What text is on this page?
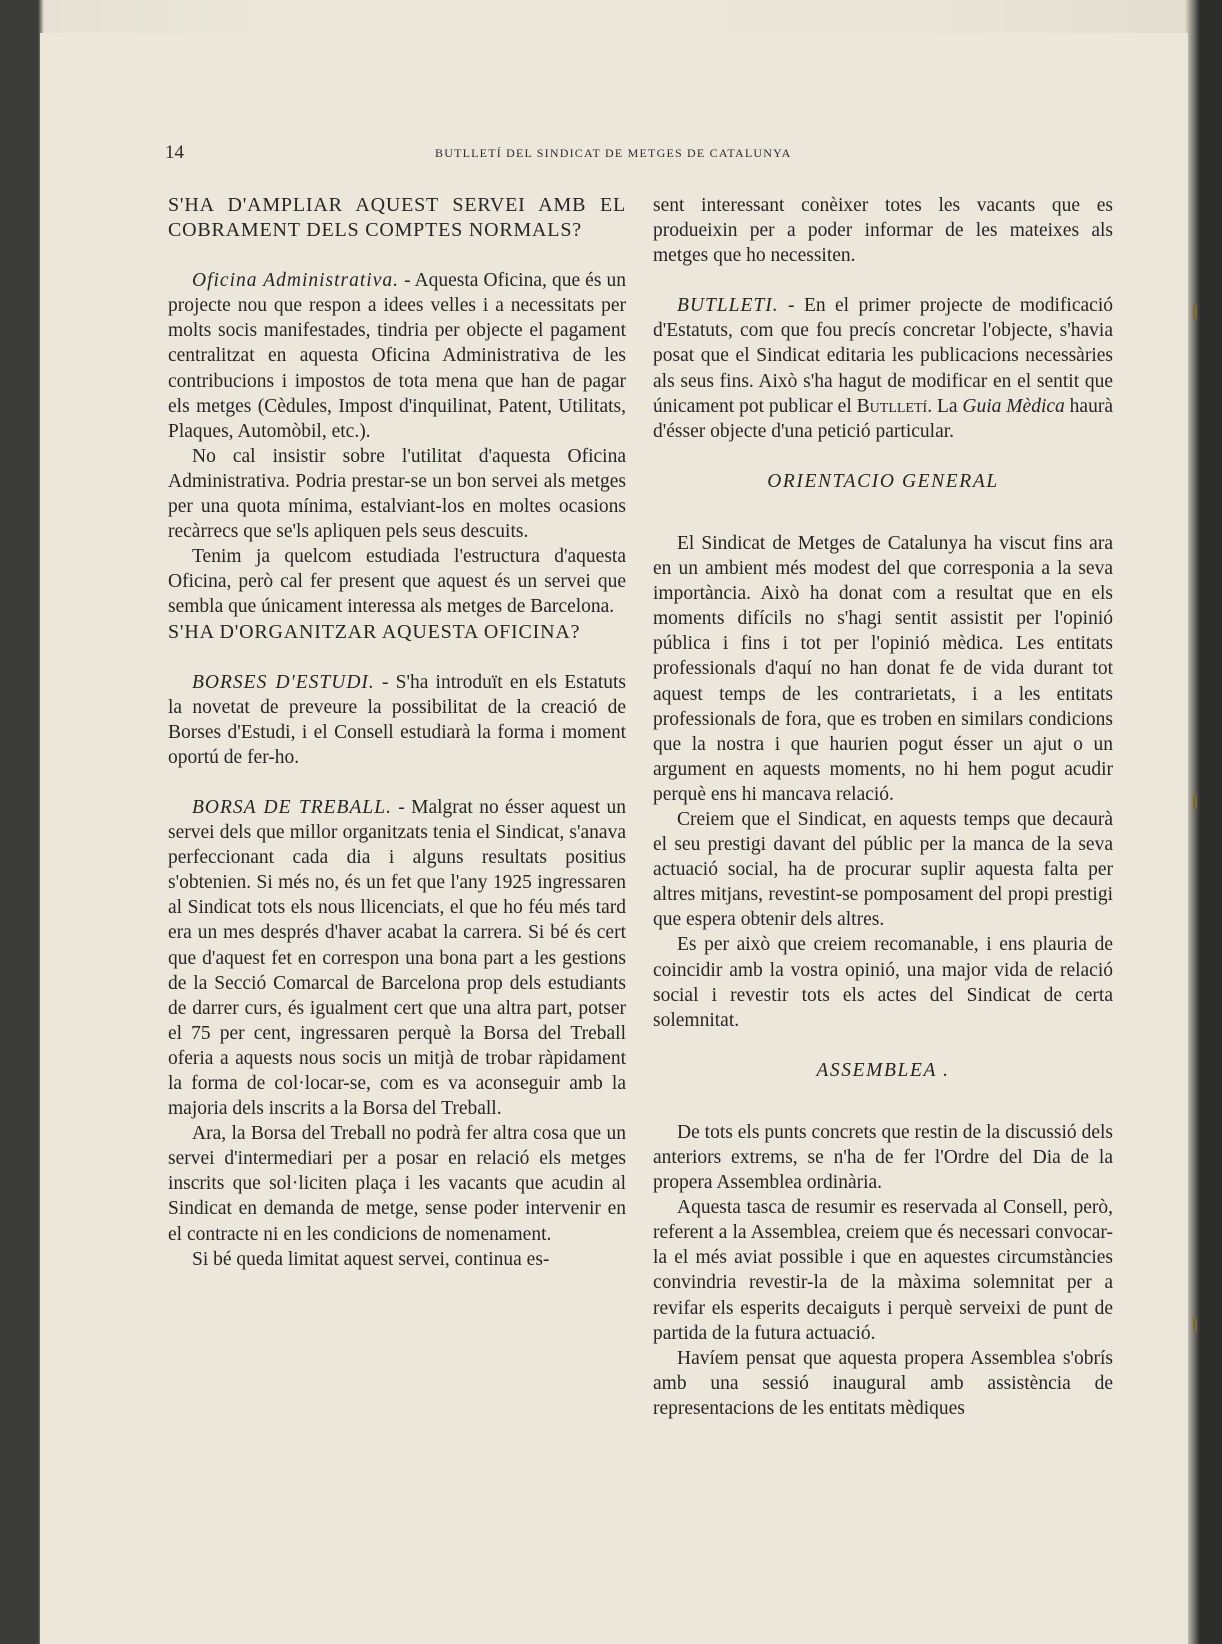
14	BUTLLETÍ DEL SINDICAT DE METGES DE CATALUNYA

S'HA D'AMPLIAR AQUEST SERVEI AMB EL COBRAMENT DELS COMPTES NORMALS?

Oficina Administrativa. - Aquesta Oficina, que és un projecte nou que respon a idees velles i a necessitats per molts socis manifestades, tindria per objecte el pagament centralitzat en aquesta Oficina Administrativa de les contribucions i impostos de tota mena que han de pagar els metges (Cèdules, Impost d'inquilinat, Patent, Utilitats, Plaques, Automòbil, etc.).

No cal insistir sobre l'utilitat d'aquesta Oficina Administrativa. Podria prestar-se un bon servei als metges per una quota mínima, estalviant-los en moltes ocasions recàrrecs que se'ls apliquen pels seus descuits.

Tenim ja quelcom estudiada l'estructura d'aquesta Oficina, però cal fer present que aquest és un servei que sembla que únicament interessa als metges de Barcelona.

S'HA D'ORGANITZAR AQUESTA OFICINA?

BORSES D'ESTUDI. - S'ha introduït en els Estatuts la novetat de preveure la possibilitat de la creació de Borses d'Estudi, i el Consell estudiarà la forma i moment oportú de fer-ho.

BORSA DE TREBALL. - Malgrat no ésser aquest un servei dels que millor organitzats tenia el Sindicat, s'anava perfeccionant cada dia i alguns resultats positius s'obtenien. Si més no, és un fet que l'any 1925 ingressaren al Sindicat tots els nous llicenciats, el que ho féu més tard era un mes després d'haver acabat la carrera. Si bé és cert que d'aquest fet en correspon una bona part a les gestions de la Secció Comarcal de Barcelona prop dels estudiants de darrer curs, és igualment cert que una altra part, potser el 75 per cent, ingressaren perquè la Borsa del Treball oferia a aquests nous socis un mitjà de trobar ràpidament la forma de col·locar-se, com es va aconseguir amb la majoria dels inscrits a la Borsa del Treball.

Ara, la Borsa del Treball no podrà fer altra cosa que un servei d'intermediari per a posar en relació els metges inscrits que sol·liciten plaça i les vacants que acudin al Sindicat en demanda de metge, sense poder intervenir en el contracte ni en les condicions de nomenament.

Si bé queda limitat aquest servei, continua es-

sent interessant conèixer totes les vacants que es produeixin per a poder informar de les mateixes als metges que ho necessiten.

BUTLLETI. - En el primer projecte de modificació d'Estatuts, com que fou precís concretar l'objecte, s'havia posat que el Sindicat editaria les publicacions necessàries als seus fins. Això s'ha hagut de modificar en el sentit que únicament pot publicar el Butlletí. La Guia Mèdica haurà d'ésser objecte d'una petició particular.

ORIENTACIO GENERAL

El Sindicat de Metges de Catalunya ha viscut fins ara en un ambient més modest del que corresponia a la seva importància. Això ha donat com a resultat que en els moments difícils no s'hagi sentit assistit per l'opinió pública i fins i tot per l'opinió mèdica. Les entitats professionals d'aquí no han donat fe de vida durant tot aquest temps de les contrarietats, i a les entitats professionals de fora, que es troben en similars condicions que la nostra i que haurien pogut ésser un ajut o un argument en aquests moments, no hi hem pogut acudir perquè ens hi mancava relació.

Creiem que el Sindicat, en aquests temps que decaurà el seu prestigi davant del públic per la manca de la seva actuació social, ha de procurar suplir aquesta falta per altres mitjans, revestint-se pomposament del propi prestigi que espera obtenir dels altres.

Es per això que creiem recomanable, i ens plauria de coincidir amb la vostra opinió, una major vida de relació social i revestir tots els actes del Sindicat de certa solemnitat.

ASSEMBLEA .

De tots els punts concrets que restin de la discussió dels anteriors extrems, se n'ha de fer l'Ordre del Dia de la propera Assemblea ordinària.

Aquesta tasca de resumir es reservada al Consell, però, referent a la Assemblea, creiem que és necessari convocar-la el més aviat possible i que en aquestes circumstàncies convindria revestir-la de la màxima solemnitat per a revifar els esperits decaiguts i perquè serveixi de punt de partida de la futura actuació.

Havíem pensat que aquesta propera Assemblea s'obrís amb una sessió inaugural amb assistència de representacions de les entitats mèdiques
